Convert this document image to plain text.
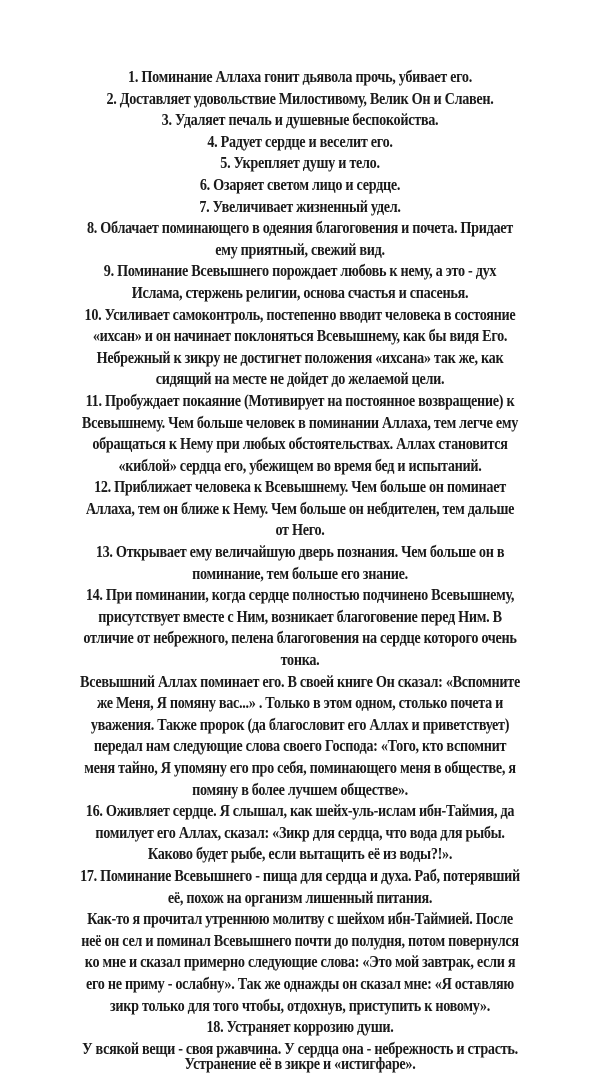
1. Поминание Аллаха гонит дьявола прочь, убивает его.

2. Доставляет удовольствие Милостивому, Велик Он и Славен.

3. Удаляет печаль и душевные беспокойства.

4. Радует сердце и веселит его.

5. Укрепляет душу и тело.

6. Озаряет светом лицо и сердце.

7. Увеличивает жизненный удел.

8. Облачает поминающего в одеяния благоговения и почета. Придает
ему приятный, свежий вид.

9. Поминание Всевышнего порождает любовь к нему, а это - дух
Ислама, стержень религии, основа счастья и спасенья.

10. Усиливает самоконтроль, постепенно вводит человека в состояние
«ихсан» и он начинает поклоняться Всевышнему, как бы видя Его.
Небрежный к зикру не достигнет положения «ихсана» так же, как
сидящий на месте не дойдет до желаемой цели.

11. Пробуждает покаяние (Мотивирует на постоянное возвращение) к
Всевышнему. Чем больше человек в поминании Аллаха, тем легче ему
обращаться к Нему при любых обстоятельствах. Аллах становится
«киблой» сердца его, убежищем во время бед и испытаний.

12. Приближает человека к Всевышнему. Чем больше он поминает
Аллаха, тем он ближе к Нему. Чем больше он небдителен, тем дальше
от Него.

13. Открывает ему величайшую дверь познания. Чем больше он в
поминание, тем больше его знание.

14. При поминании, когда сердце полностью подчинено Всевышнему,
присутствует вместе с Ним, возникает благоговение перед Ним. В
отличие от небрежного, пелена благоговения на сердце которого очень
тонка.

Всевышний Аллах поминает его. В своей книге Он сказал: «Вспомните
же Меня, Я помяну вас...» . Только в этом одном, столько почета и
уважения. Также пророк (да благословит его Аллах и приветствует)
передал нам следующие слова своего Господа: «Того, кто вспомнит
меня тайно, Я упомяну его про себя, поминающего меня в обществе, я
помяну в более лучшем обществе».

16. Оживляет сердце. Я слышал, как шейх-уль-ислам ибн-Таймия, да
помилует его Аллах, сказал: «Зикр для сердца, что вода для рыбы.
Каково будет рыбе, если вытащить её из воды?!».

17. Поминание Всевышнего - пища для сердца и духа. Раб, потерявший
её, похож на организм лишенный питания.

Как-то я прочитал утреннюю молитву с шейхом ибн-Таймией. После
неё он сел и поминал Всевышнего почти до полудня, потом повернулся
ко мне и сказал примерно следующие слова: «Это мой завтрак, если я
его не приму - ослабну». Так же однажды он сказал мне: «Я оставляю
зикр только для того чтобы, отдохнув, приступить к новому».

18. Устраняет коррозию души.

У всякой вещи - своя ржавчина. У сердца она - небрежность и страсть.
Устранение её в зикре и «истигфаре».
